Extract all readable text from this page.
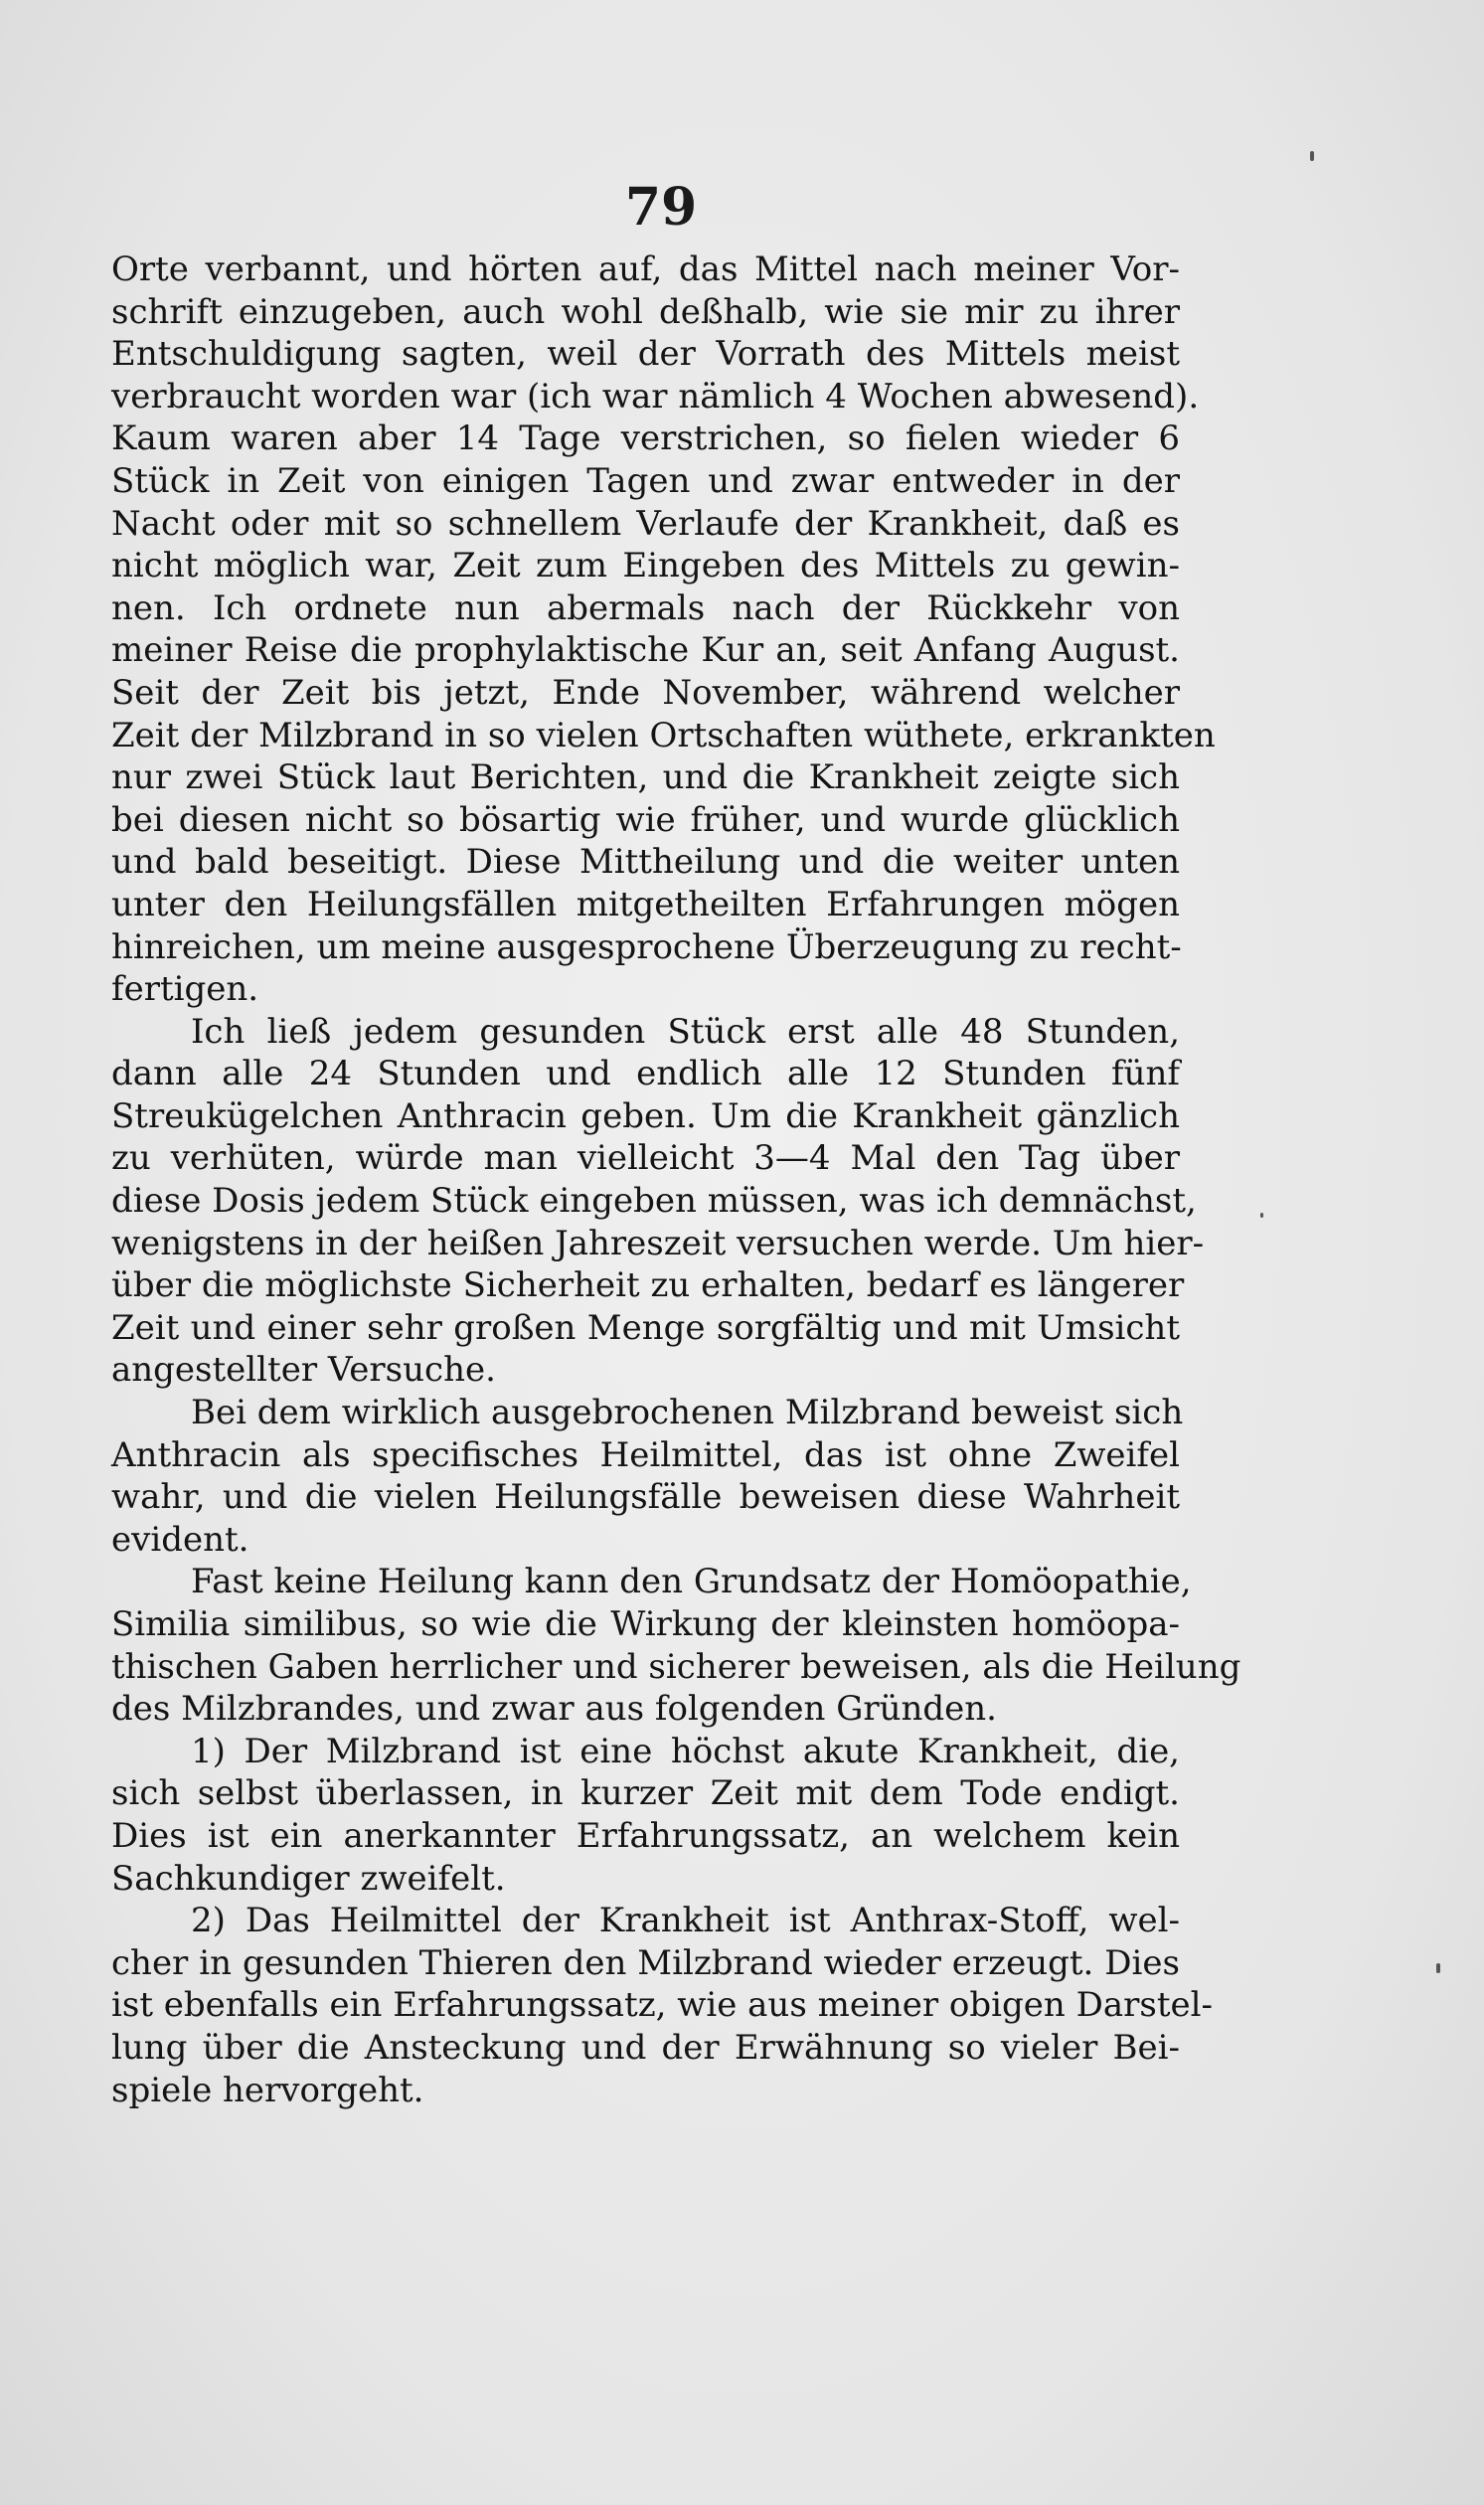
79
Orte verbannt, und hörten auf, das Mittel nach meiner Vor-
schrift einzugeben, auch wohl deßhalb, wie sie mir zu ihrer
Entschuldigung sagten, weil der Vorrath des Mittels meist
verbraucht worden war (ich war nämlich 4 Wochen abwesend).
Kaum waren aber 14 Tage verstrichen, so fielen wieder 6
Stück in Zeit von einigen Tagen und zwar entweder in der
Nacht oder mit so schnellem Verlaufe der Krankheit, daß es
nicht möglich war, Zeit zum Eingeben des Mittels zu gewin-
nen. Ich ordnete nun abermals nach der Rückkehr von
meiner Reise die prophylaktische Kur an, seit Anfang August.
Seit der Zeit bis jetzt, Ende November, während welcher
Zeit der Milzbrand in so vielen Ortschaften wüthete, erkrankten
nur zwei Stück laut Berichten, und die Krankheit zeigte sich
bei diesen nicht so bösartig wie früher, und wurde glücklich
und bald beseitigt. Diese Mittheilung und die weiter unten
unter den Heilungsfällen mitgetheilten Erfahrungen mögen
hinreichen, um meine ausgesprochene Überzeugung zu recht-
fertigen.
Ich ließ jedem gesunden Stück erst alle 48 Stunden,
dann alle 24 Stunden und endlich alle 12 Stunden fünf
Streukügelchen Anthracin geben. Um die Krankheit gänzlich
zu verhüten, würde man vielleicht 3—4 Mal den Tag über
diese Dosis jedem Stück eingeben müssen, was ich demnächst,
wenigstens in der heißen Jahreszeit versuchen werde. Um hier-
über die möglichste Sicherheit zu erhalten, bedarf es längerer
Zeit und einer sehr großen Menge sorgfältig und mit Umsicht
angestellter Versuche.
Bei dem wirklich ausgebrochenen Milzbrand beweist sich
Anthracin als specifisches Heilmittel, das ist ohne Zweifel
wahr, und die vielen Heilungsfälle beweisen diese Wahrheit
evident.
Fast keine Heilung kann den Grundsatz der Homöopathie,
Similia similibus, so wie die Wirkung der kleinsten homöopa-
thischen Gaben herrlicher und sicherer beweisen, als die Heilung
des Milzbrandes, und zwar aus folgenden Gründen.
1) Der Milzbrand ist eine höchst akute Krankheit, die,
sich selbst überlassen, in kurzer Zeit mit dem Tode endigt.
Dies ist ein anerkannter Erfahrungssatz, an welchem kein
Sachkundiger zweifelt.
2) Das Heilmittel der Krankheit ist Anthrax-Stoff, wel-
cher in gesunden Thieren den Milzbrand wieder erzeugt. Dies
ist ebenfalls ein Erfahrungssatz, wie aus meiner obigen Darstel-
lung über die Ansteckung und der Erwähnung so vieler Bei-
spiele hervorgeht.
